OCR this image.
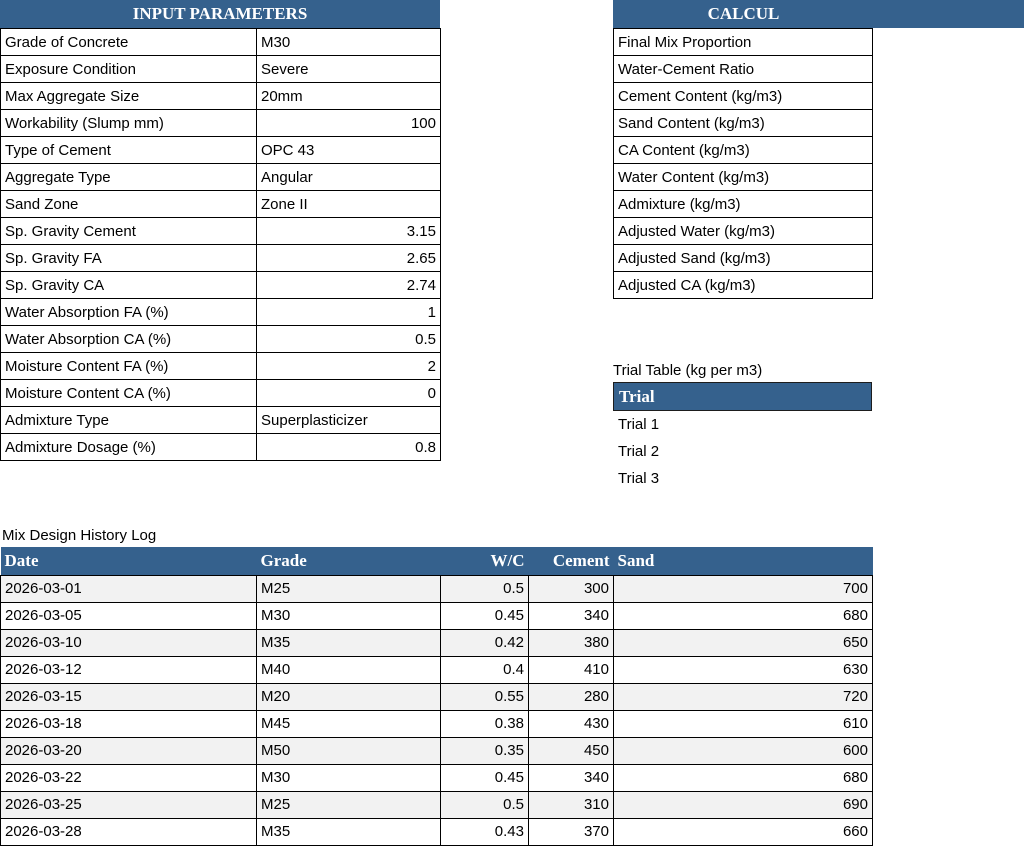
INPUT PARAMETERS
Grade of Concrete	M30
Exposure Condition	Severe
Max Aggregate Size	20mm
Workability (Slump mm)	100
Type of Cement	OPC 43
Aggregate Type	Angular
Sand Zone	Zone II
Sp. Gravity Cement	3.15
Sp. Gravity FA	2.65
Sp. Gravity CA	2.74
Water Absorption FA (%)	1
Water Absorption CA (%)	0.5
Moisture Content FA (%)	2
Moisture Content CA (%)	0
Admixture Type	Superplasticizer
Admixture Dosage (%)	0.8
CALCUL
Final Mix Proportion
Water-Cement Ratio
Cement Content (kg/m3)
Sand Content (kg/m3)
CA Content (kg/m3)
Water Content (kg/m3)
Admixture (kg/m3)
Adjusted Water (kg/m3)
Adjusted Sand (kg/m3)
Adjusted CA (kg/m3)
Trial Table (kg per m3)
Trial
Trial 1
Trial 2
Trial 3
Mix Design History Log
Date	Grade	W/C	Cement	Sand
2026-03-01	M25	0.5	300	700
2026-03-05	M30	0.45	340	680
2026-03-10	M35	0.42	380	650
2026-03-12	M40	0.4	410	630
2026-03-15	M20	0.55	280	720
2026-03-18	M45	0.38	430	610
2026-03-20	M50	0.35	450	600
2026-03-22	M30	0.45	340	680
2026-03-25	M25	0.5	310	690
2026-03-28	M35	0.43	370	660
